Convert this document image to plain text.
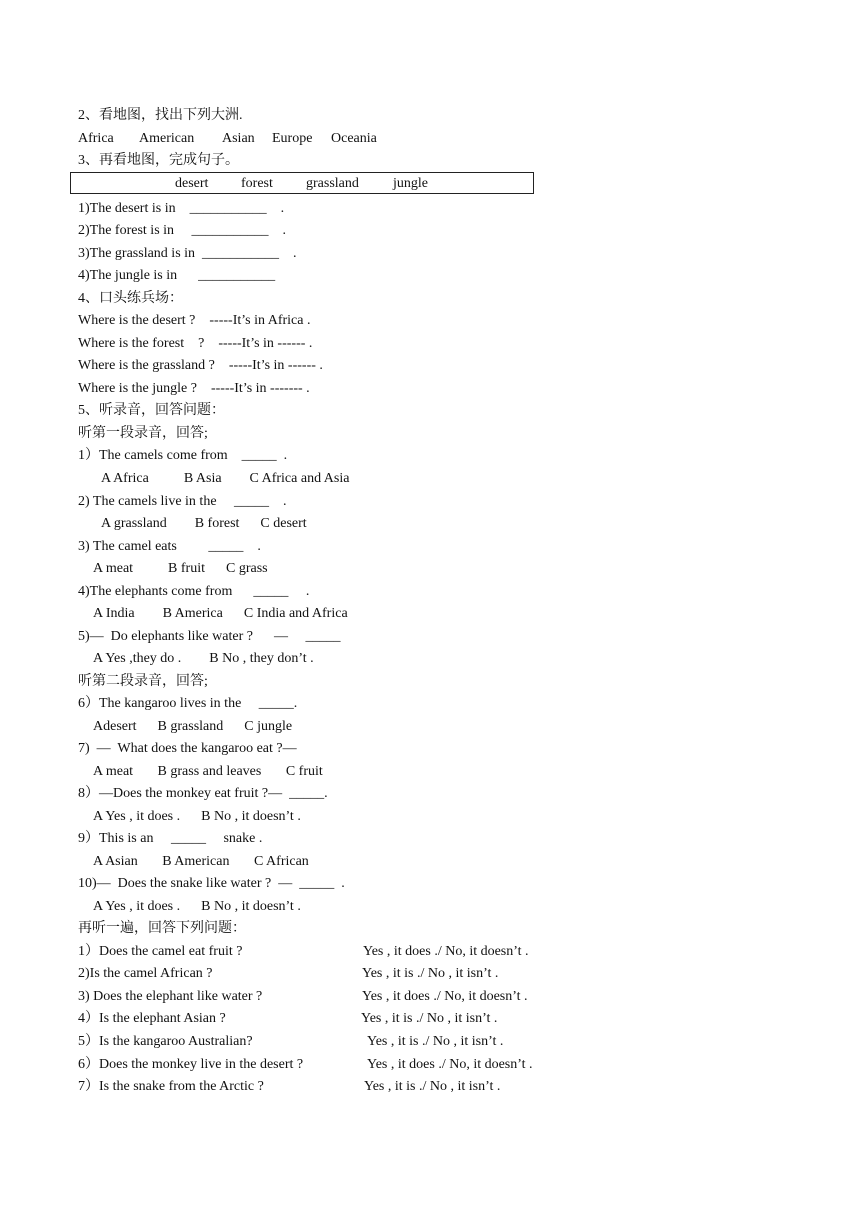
2、看地图，找出下列大洲.
Africa American Asian Europe Oceania
3、再看地图，完成句子。
desert forest grassland jungle
1)The desert is in    ___________    .
2)The forest is in     ___________    .
3)The grassland is in  ___________    .
4)The jungle is in      ___________
4、口头练兵场：
Where is the desert ?    -----It’s in Africa .
Where is the forest    ?    -----It’s in ------ .
Where is the grassland ?    -----It’s in ------ .
Where is the jungle ?    -----It’s in ------- .
5、听录音，回答问题：
听第一段录音，回答;
1）The camels come from    _____  .
A Africa          B Asia        C Africa and Asia
2) The camels live in the     _____    .
A grassland        B forest      C desert
3) The camel eats         _____    .
A meat          B fruit      C grass
4)The elephants come from      _____     .
A India        B America      C India and Africa
5)—  Do elephants like water ?      —     _____
A Yes ,they do .        B No , they don’t .
听第二段录音，回答;
6）The kangaroo lives in the     _____.
Adesert      B grassland      C jungle
7)  —  What does the kangaroo eat ?—
A meat       B grass and leaves       C fruit
8）—Does the monkey eat fruit ?—  _____.
A Yes , it does .      B No , it doesn’t .
9）This is an     _____     snake .
A Asian       B American       C African
10)—  Does the snake like water ?  —  _____  .
A Yes , it does .      B No , it doesn’t .
再听一遍，回答下列问题：
1）Does the camel eat fruit ?	Yes , it does ./ No, it doesn’t .
2)Is the camel African ?	Yes , it is ./ No , it isn’t .
3) Does the elephant like water ?	Yes , it does ./ No, it doesn’t .
4）Is the elephant Asian ?	Yes , it is ./ No , it isn’t .
5）Is the kangaroo Australian?	Yes , it is ./ No , it isn’t .
6）Does the monkey live in the desert ?	Yes , it does ./ No, it doesn’t .
7）Is the snake from the Arctic ?	Yes , it is ./ No , it isn’t .
